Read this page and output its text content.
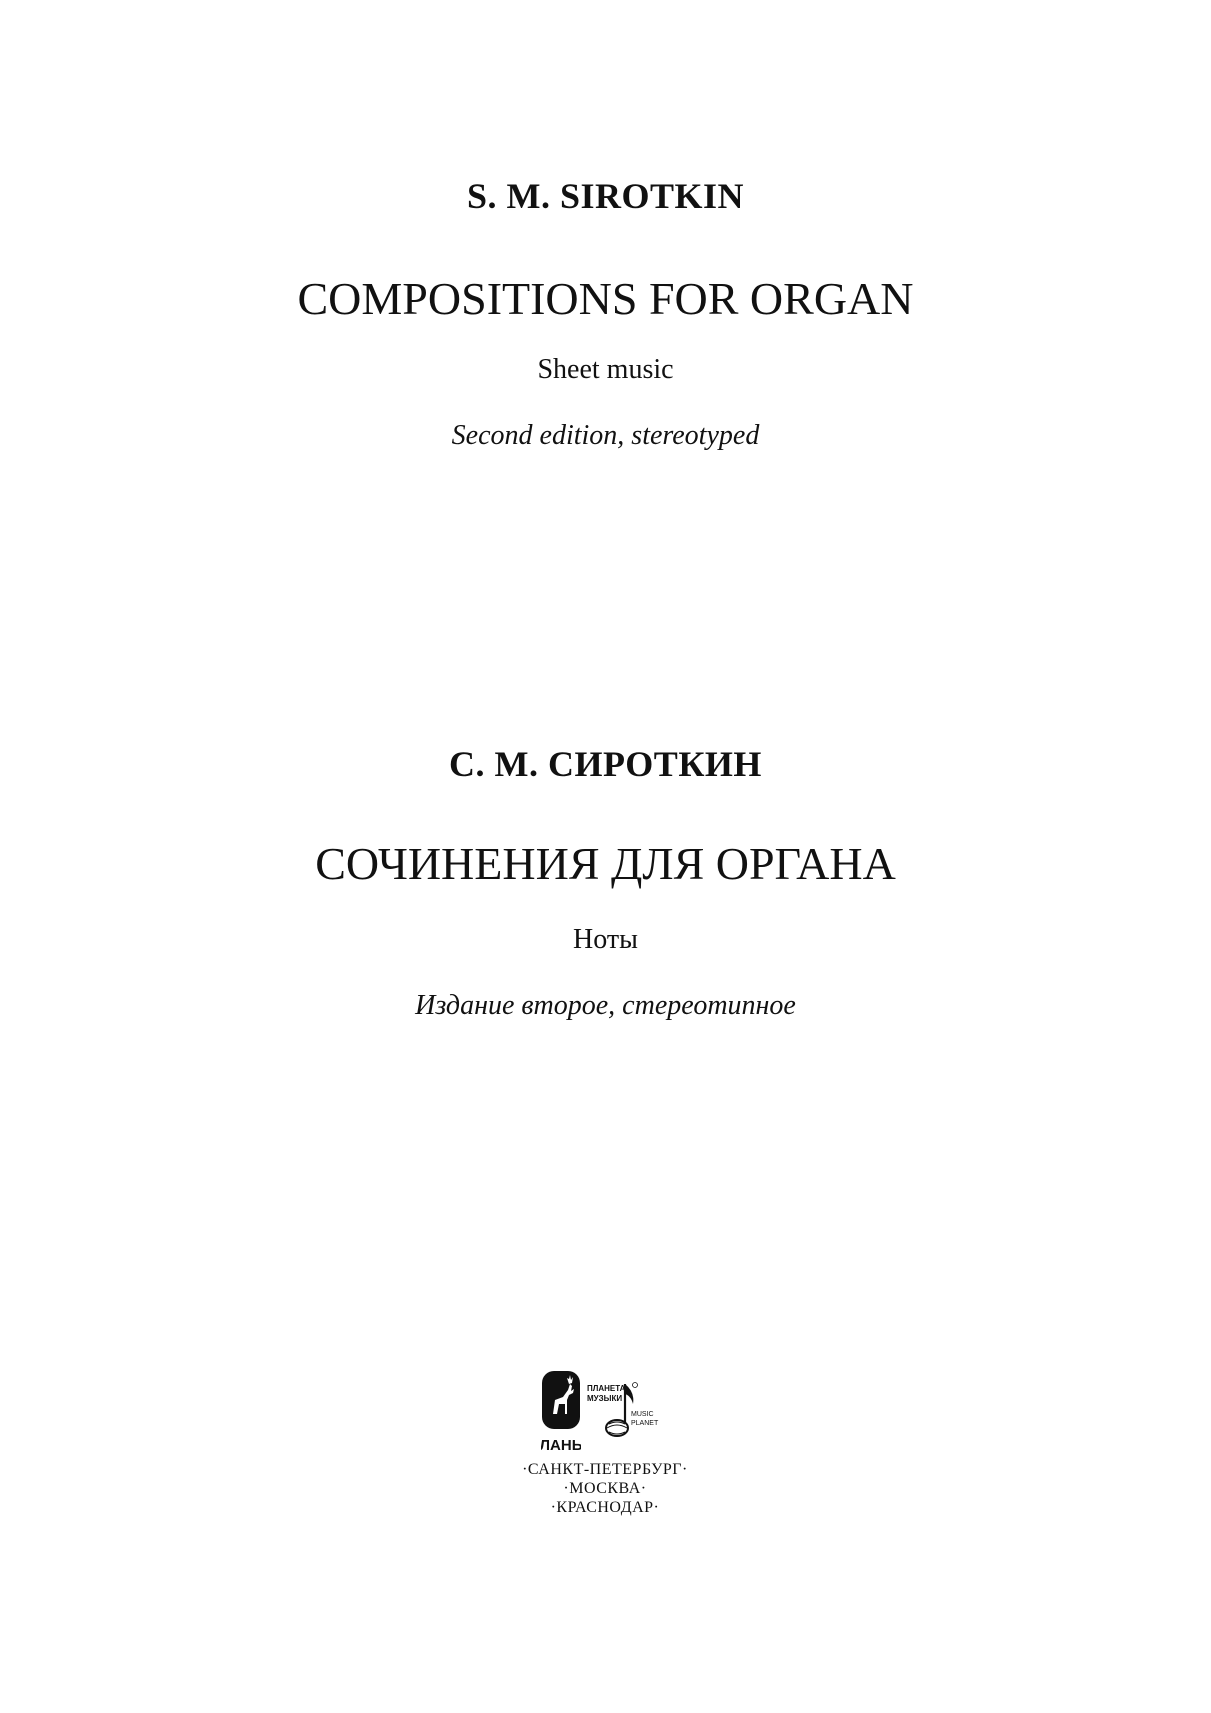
S. M. SIROTKIN
COMPOSITIONS FOR ORGAN
Sheet music
Second edition, stereotyped
С. М. СИРОТКИН
СОЧИНЕНИЯ ДЛЯ ОРГАНА
Ноты
Издание второе, стереотипное
ЛАНЬ
ПЛАНЕТА
МУЗЫКИ
MUSIC
PLANET
·САНКТ-ПЕТЕРБУРГ·
·МОСКВА·
·КРАСНОДАР·
